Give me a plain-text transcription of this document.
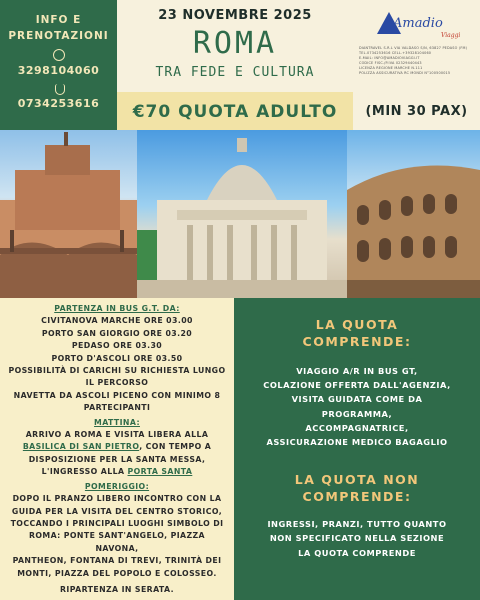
INFO E
PRENOTAZIONI
3298104060
0734253616
23 NOVEMBRE 2025
ROMA
TRA FEDE E CULTURA
Amadio
Viaggi
DIANTRAVEL S.R.L VIA VALDASO S/N, 63827 PEDASO (FM)
TEL.0734253616 CELL.+39328104060
E-MAIL: INFO@AMADIOVIAGGI.IT
CODICE FISC./P.IVA 02329440443
LICENZA REGIONE MARCHE N.111
POLIZZA ASSICURATIVA RC MONDI N°100500015
€70 QUOTA ADULTO	(MIN 30 PAX)
PARTENZA IN BUS G.T. DA:
CIVITANOVA MARCHE ORE 03.00
PORTO SAN GIORGIO ORE 03.20
PEDASO ORE 03.30
PORTO D'ASCOLI ORE 03.50
POSSIBILITÀ DI CARICHI SU RICHIESTA LUNGO
IL PERCORSO
NAVETTA DA ASCOLI PICENO CON MINIMO 8
PARTECIPANTI
MATTINA:
ARRIVO A ROMA E VISITA LIBERA ALLA
BASILICA DI SAN PIETRO, CON TEMPO A
DISPOSIZIONE PER LA SANTA MESSA,
L'INGRESSO ALLA PORTA SANTA
POMERIGGIO:
DOPO IL PRANZO LIBERO INCONTRO CON LA
GUIDA PER LA VISITA DEL CENTRO STORICO,
TOCCANDO I PRINCIPALI LUOGHI SIMBOLO DI
ROMA: PONTE SANT'ANGELO, PIAZZA NAVONA,
PANTHEON, FONTANA DI TREVI, TRINITÀ DEI
MONTI, PIAZZA DEL POPOLO E COLOSSEO.
RIPARTENZA IN SERATA.
LA QUOTA
COMPRENDE:
VIAGGIO A/R IN BUS GT,
COLAZIONE OFFERTA DALL'AGENZIA,
VISITA GUIDATA COME DA
PROGRAMMA,
ACCOMPAGNATRICE,
ASSICURAZIONE MEDICO BAGAGLIO
LA QUOTA NON
COMPRENDE:
INGRESSI, PRANZI, TUTTO QUANTO
NON SPECIFICATO NELLA SEZIONE
LA QUOTA COMPRENDE
